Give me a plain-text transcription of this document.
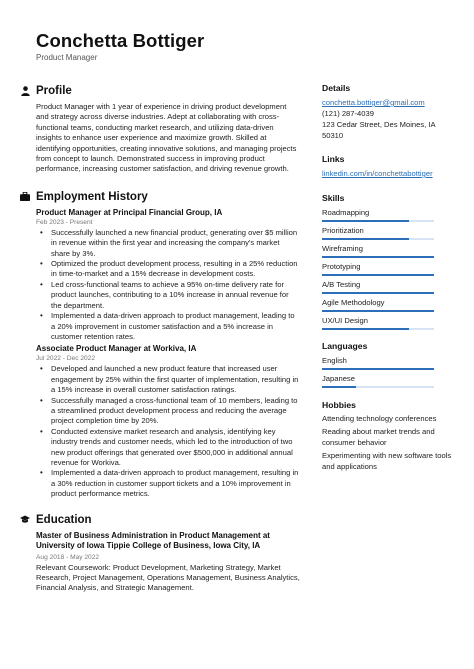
Conchetta Bottiger
Product Manager
Profile
Product Manager with 1 year of experience in driving product development and strategy across diverse industries. Adept at collaborating with cross-functional teams, conducting market research, and utilizing data-driven insights to enhance user experience and maximize growth. Skilled at identifying opportunities, creating innovative solutions, and managing projects from concept to launch. Demonstrated success in improving product performance, increasing customer satisfaction, and driving revenue growth.
Employment History
Product Manager at Principal Financial Group, IA
Feb 2023 - Present
• Successfully launched a new financial product, generating over $5 million in revenue within the first year and increasing the company's market share by 3%.
• Optimized the product development process, resulting in a 25% reduction in time-to-market and a 15% decrease in development costs.
• Led cross-functional teams to achieve a 95% on-time delivery rate for product launches, contributing to a 10% increase in annual revenue for the department.
• Implemented a data-driven approach to product management, leading to a 20% improvement in customer satisfaction and a 5% increase in customer retention rates.
Associate Product Manager at Workiva, IA
Jul 2022 - Dec 2022
• Developed and launched a new product feature that increased user engagement by 25% within the first quarter of implementation, resulting in a 15% increase in overall customer satisfaction ratings.
• Successfully managed a cross-functional team of 10 members, leading to a streamlined product development process and reducing the average project completion time by 20%.
• Conducted extensive market research and analysis, identifying key industry trends and customer needs, which led to the introduction of two new product offerings that generated over $500,000 in additional annual revenue for Workiva.
• Implemented a data-driven approach to product management, resulting in a 30% reduction in customer support tickets and a 10% improvement in product performance metrics.
Education
Master of Business Administration in Product Management at University of Iowa Tippie College of Business, Iowa City, IA
Aug 2018 - May 2022
Relevant Coursework: Product Development, Marketing Strategy, Market Research, Project Management, Operations Management, Business Analytics, Financial Analysis, and Strategic Management.
Details
conchetta.bottiger@gmail.com
(121) 287-4039
123 Cedar Street, Des Moines, IA
50310
Links
linkedin.com/in/conchettabottiger
Skills
Roadmapping
Prioritization
Wireframing
Prototyping
A/B Testing
Agile Methodology
UX/UI Design
Languages
English
Japanese
Hobbies
Attending technology conferences
Reading about market trends and consumer behavior
Experimenting with new software tools and applications
